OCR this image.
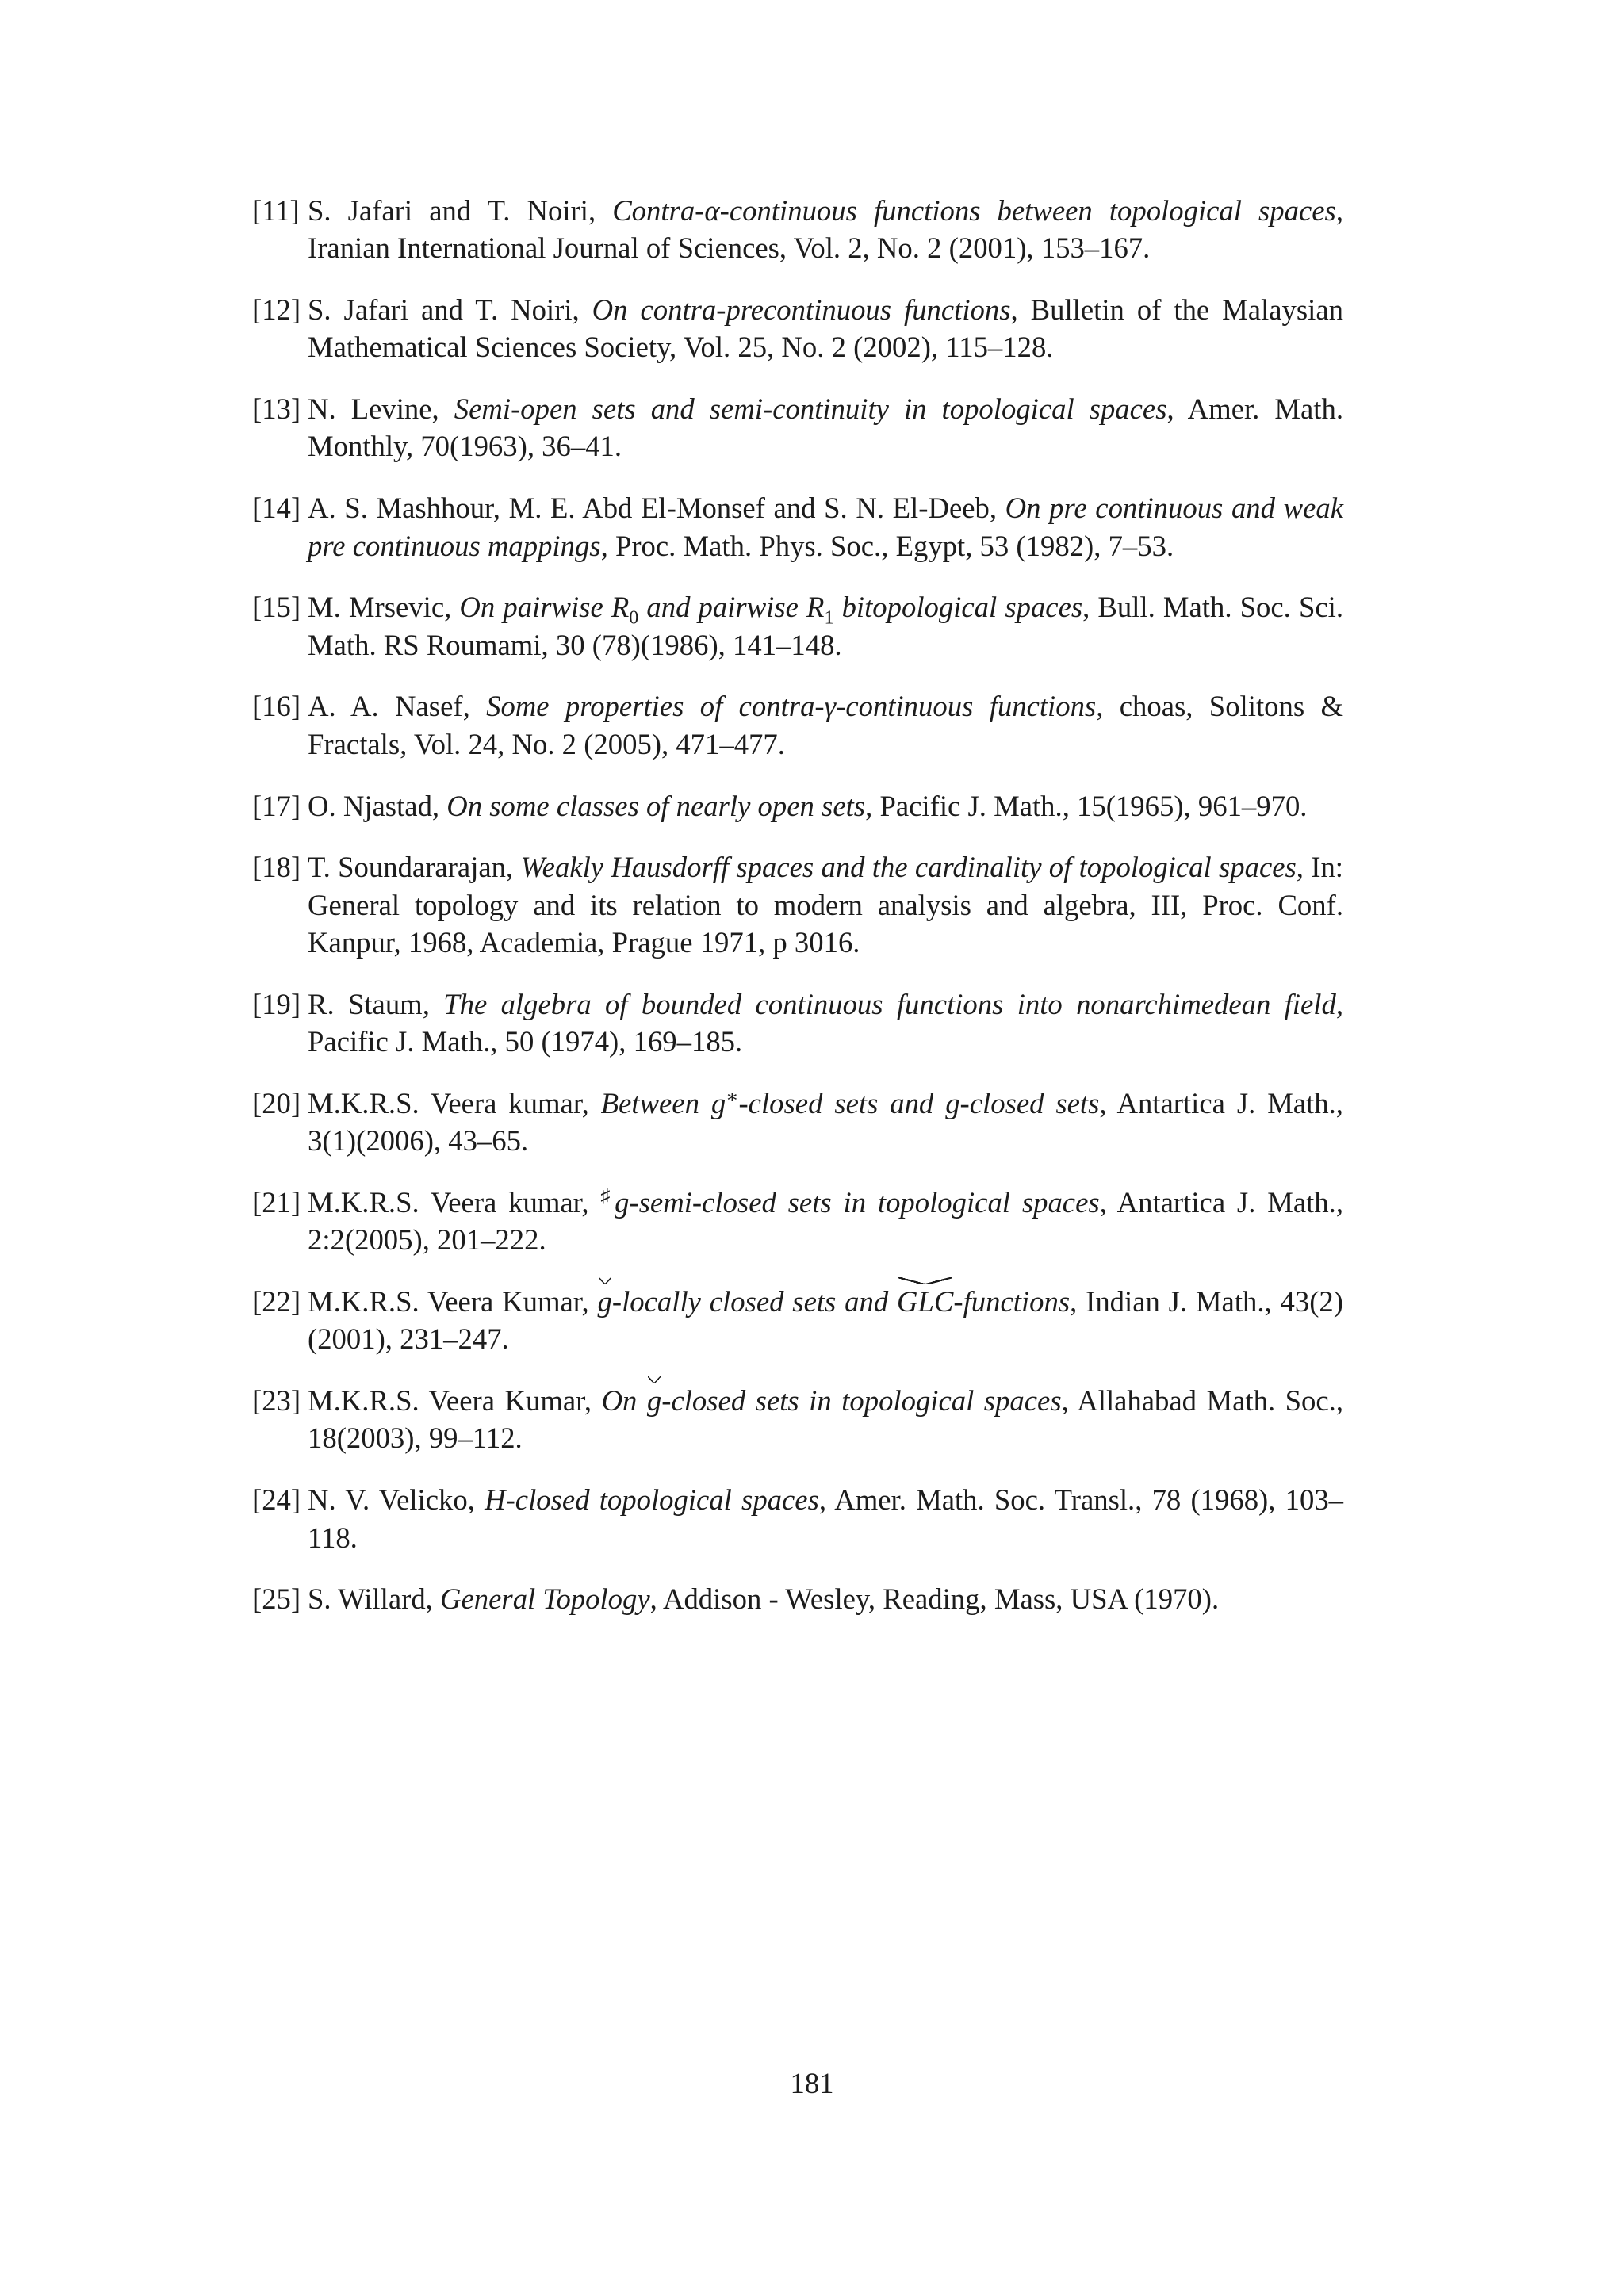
[11] S. Jafari and T. Noiri, Contra-α-continuous functions between topological spaces, Iranian International Journal of Sciences, Vol. 2, No. 2 (2001), 153–167.
[12] S. Jafari and T. Noiri, On contra-precontinuous functions, Bulletin of the Malaysian Mathematical Sciences Society, Vol. 25, No. 2 (2002), 115–128.
[13] N. Levine, Semi-open sets and semi-continuity in topological spaces, Amer. Math. Monthly, 70(1963), 36–41.
[14] A. S. Mashhour, M. E. Abd El-Monsef and S. N. El-Deeb, On pre continuous and weak pre continuous mappings, Proc. Math. Phys. Soc., Egypt, 53 (1982), 7–53.
[15] M. Mrsevic, On pairwise $R_0$ and pairwise $R_1$ bitopological spaces, Bull. Math. Soc. Sci. Math. RS Roumami, 30 (78)(1986), 141–148.
[16] A. A. Nasef, Some properties of contra-γ-continuous functions, choas, Solitons & Fractals, Vol. 24, No. 2 (2005), 471–477.
[17] O. Njastad, On some classes of nearly open sets, Pacific J. Math., 15(1965), 961–970.
[18] T. Soundararajan, Weakly Hausdorff spaces and the cardinality of topological spaces, In: General topology and its relation to modern analysis and algebra, III, Proc. Conf. Kanpur, 1968, Academia, Prague 1971, p 3016.
[19] R. Staum, The algebra of bounded continuous functions into nonarchimedean field, Pacific J. Math., 50 (1974), 169–185.
[20] M.K.R.S. Veera kumar, Between g∗-closed sets and g-closed sets, Antartica J. Math., 3(1)(2006), 43–65.
[21] M.K.R.S. Veera kumar, ♯g-semi-closed sets in topological spaces, Antartica J. Math., 2:2(2005), 201–222.
[22] M.K.R.S. Veera Kumar, g-locally closed sets and GLC-functions, Indian J. Math., 43(2)(2001), 231–247.
[23] M.K.R.S. Veera Kumar, On g-closed sets in topological spaces, Allahabad Math. Soc., 18(2003), 99–112.
[24] N. V. Velicko, H-closed topological spaces, Amer. Math. Soc. Transl., 78 (1968), 103–118.
[25] S. Willard, General Topology, Addison - Wesley, Reading, Mass, USA (1970).
181
